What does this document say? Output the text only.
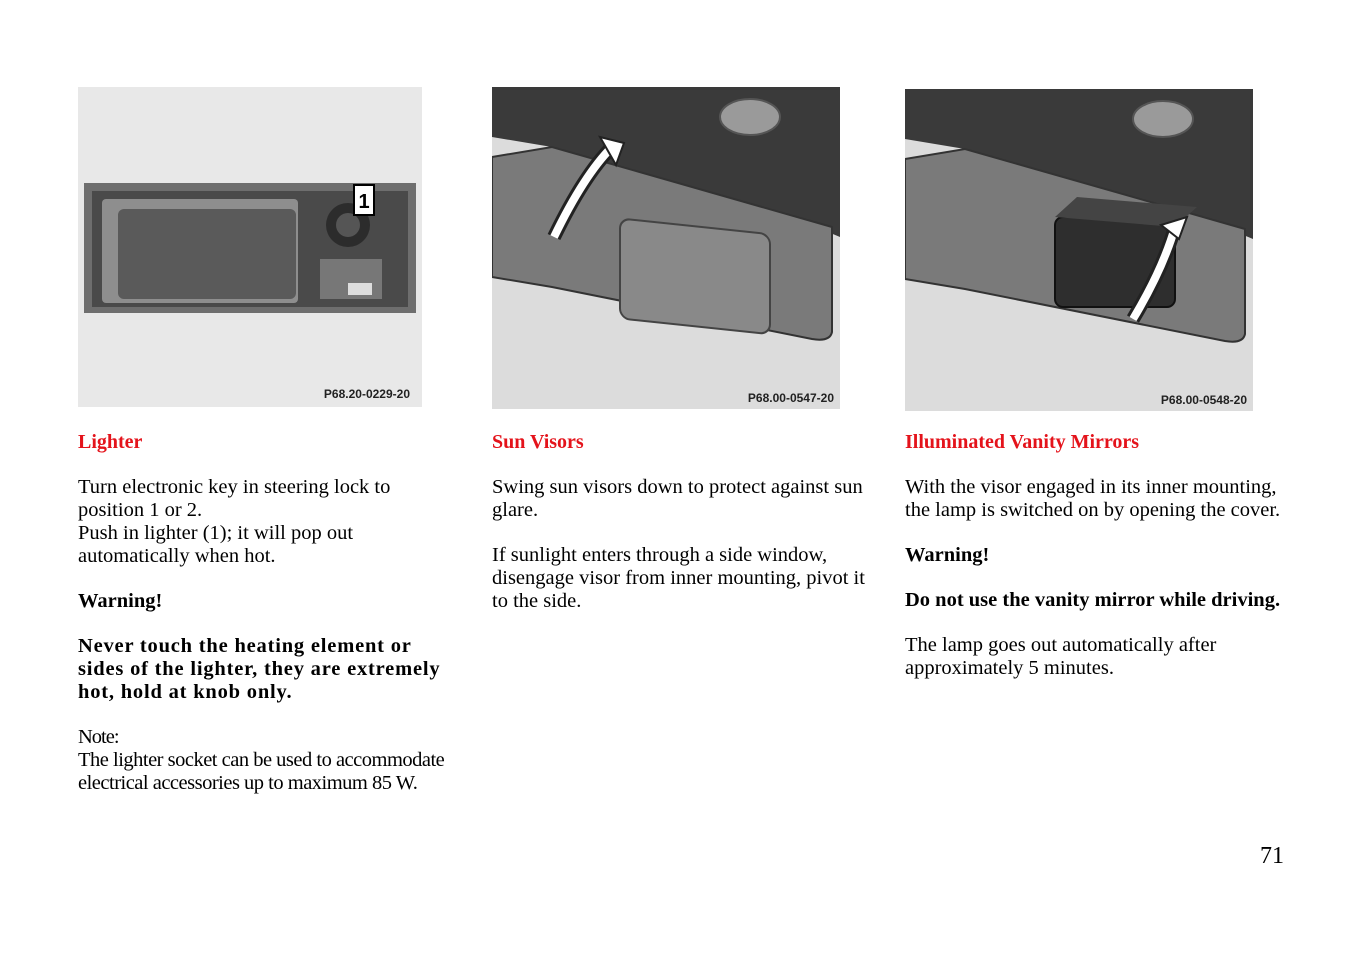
1
P68.20-0229-20
Lighter

Turn electronic key in steering lock to position 1 or 2.

Push in lighter (1); it will pop out automatically when hot.

Warning!

Never touch the heating element or sides of the lighter, they are extremely hot, hold at knob only.

Note:

The lighter socket can be used to accommodate electrical accessories up to maximum 85 W.

P68.00-0547-20
Sun Visors

Swing sun visors down to protect against sun glare.

If sunlight enters through a side window, disengage visor from inner mounting, pivot it to the side.

P68.00-0548-20
Illuminated Vanity Mirrors

With the visor engaged in its inner mounting, the lamp is switched on by opening the cover.

Warning!

Do not use the vanity mirror while driving.

The lamp goes out automatically after approximately 5 minutes.

71
